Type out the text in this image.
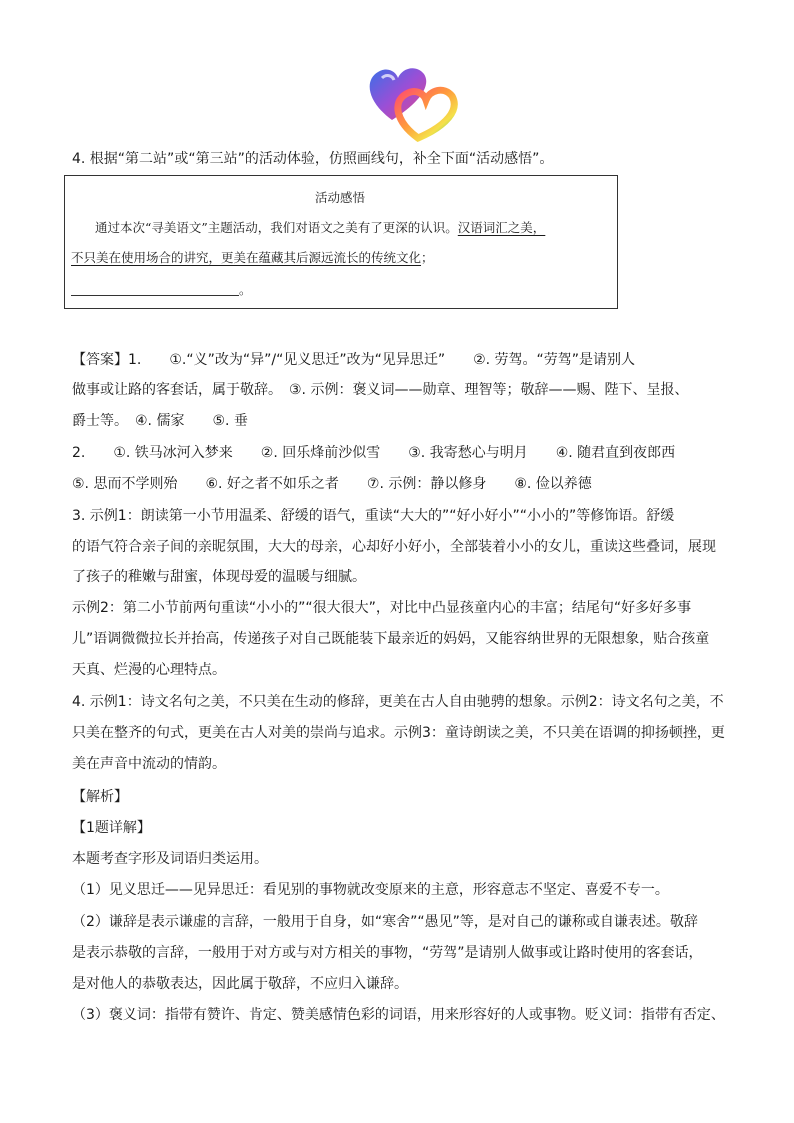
4. 根据“第二站”或“第三站”的活动体验，仿照画线句，补全下面“活动感悟”。
活动感悟
通过本次“寻美语文”主题活动，我们对语文之美有了更深的认识。汉语词汇之美，
不只美在使用场合的讲究，更美在蕴藏其后源远流长的传统文化；
。
【答案】1.　　①.“义”改为“异”/“见义思迁”改为“见异思迁”　　②. 劳驾。“劳驾”是请别人
做事或让路的客套话，属于敬辞。　③. 示例：褒义词——勋章、理智等；敬辞——赐、陛下、呈报、
爵士等。　④. 儒家　　⑤. 垂
2.　　①. 铁马冰河入梦来　　②. 回乐烽前沙似雪　　③. 我寄愁心与明月　　④. 随君直到夜郎西
⑤. 思而不学则殆　　⑥. 好之者不如乐之者　　⑦. 示例：静以修身　　⑧. 俭以养德
3. 示例1：朗读第一小节用温柔、舒缓的语气，重读“大大的”“好小好小”“小小的”等修饰语。舒缓
的语气符合亲子间的亲昵氛围，大大的母亲，心却好小好小，全部装着小小的女儿，重读这些叠词，展现
了孩子的稚嫩与甜蜜，体现母爱的温暖与细腻。
示例2：第二小节前两句重读“小小的”“很大很大”，对比中凸显孩童内心的丰富；结尾句“好多好多事
儿”语调微微拉长并抬高，传递孩子对自己既能装下最亲近的妈妈，又能容纳世界的无限想象，贴合孩童
天真、烂漫的心理特点。
4. 示例1：诗文名句之美，不只美在生动的修辞，更美在古人自由驰骋的想象。示例2：诗文名句之美，不
只美在整齐的句式，更美在古人对美的崇尚与追求。示例3：童诗朗读之美，不只美在语调的抑扬顿挫，更
美在声音中流动的情韵。
【解析】
【1题详解】
本题考查字形及词语归类运用。
（1）见义思迁——见异思迁：看见别的事物就改变原来的主意，形容意志不坚定、喜爱不专一。
（2）谦辞是表示谦虚的言辞，一般用于自身，如“寒舍”“愚见”等，是对自己的谦称或自谦表述。敬辞
是表示恭敬的言辞，一般用于对方或与对方相关的事物，“劳驾”是请别人做事或让路时使用的客套话，
是对他人的恭敬表达，因此属于敬辞，不应归入谦辞。
（3）褒义词：指带有赞许、肯定、赞美感情色彩的词语，用来形容好的人或事物。贬义词：指带有否定、
